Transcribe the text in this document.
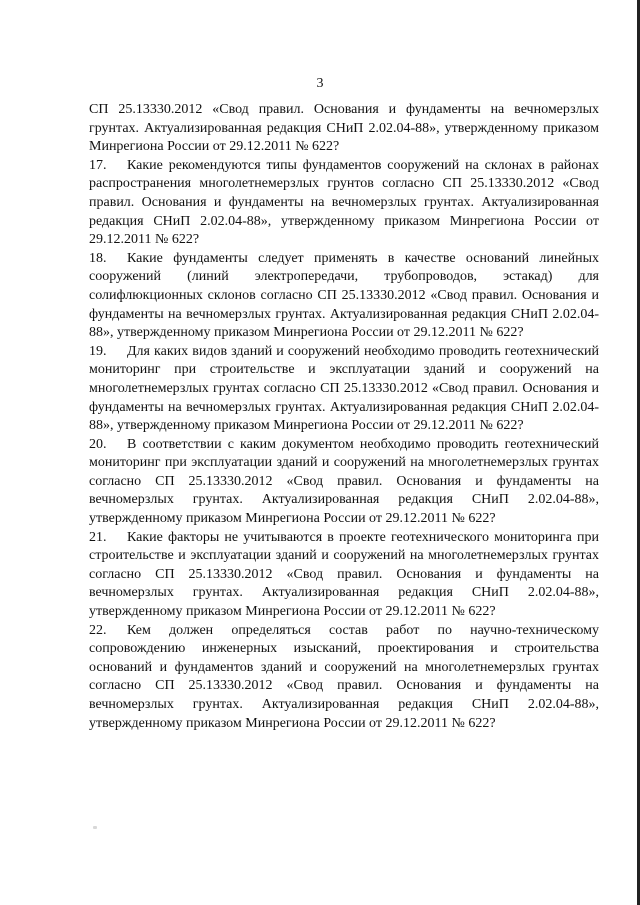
3

СП 25.13330.2012 «Свод правил. Основания и фундаменты на вечномерзлых грунтах. Актуализированная редакция СНиП 2.02.04-88», утвержденному приказом Минрегиона России от 29.12.2011 № 622?

17. Какие рекомендуются типы фундаментов сооружений на склонах в районах распространения многолетнемерзлых грунтов согласно СП 25.13330.2012 «Свод правил. Основания и фундаменты на вечномерзлых грунтах. Актуализированная редакция СНиП 2.02.04-88», утвержденному приказом Минрегиона России от 29.12.2011 № 622?

18. Какие фундаменты следует применять в качестве оснований линейных сооружений (линий электропередачи, трубопроводов, эстакад) для солифлюкционных склонов согласно СП 25.13330.2012 «Свод правил. Основания и фундаменты на вечномерзлых грунтах. Актуализированная редакция СНиП 2.02.04-88», утвержденному приказом Минрегиона России от 29.12.2011 № 622?

19. Для каких видов зданий и сооружений необходимо проводить геотехнический мониторинг при строительстве и эксплуатации зданий и сооружений на многолетнемерзлых грунтах согласно СП 25.13330.2012 «Свод правил. Основания и фундаменты на вечномерзлых грунтах. Актуализированная редакция СНиП 2.02.04-88», утвержденному приказом Минрегиона России от 29.12.2011 № 622?

20. В соответствии с каким документом необходимо проводить геотехнический мониторинг при эксплуатации зданий и сооружений на многолетнемерзлых грунтах согласно СП 25.13330.2012 «Свод правил. Основания и фундаменты на вечномерзлых грунтах. Актуализированная редакция СНиП 2.02.04-88», утвержденному приказом Минрегиона России от 29.12.2011 № 622?

21. Какие факторы не учитываются в проекте геотехнического мониторинга при строительстве и эксплуатации зданий и сооружений на многолетнемерзлых грунтах согласно СП 25.13330.2012 «Свод правил. Основания и фундаменты на вечномерзлых грунтах. Актуализированная редакция СНиП 2.02.04-88», утвержденному приказом Минрегиона России от 29.12.2011 № 622?

22. Кем должен определяться состав работ по научно-техническому сопровождению инженерных изысканий, проектирования и строительства оснований и фундаментов зданий и сооружений на многолетнемерзлых грунтах согласно СП 25.13330.2012 «Свод правил. Основания и фундаменты на вечномерзлых грунтах. Актуализированная редакция СНиП 2.02.04-88», утвержденному приказом Минрегиона России от 29.12.2011 № 622?
